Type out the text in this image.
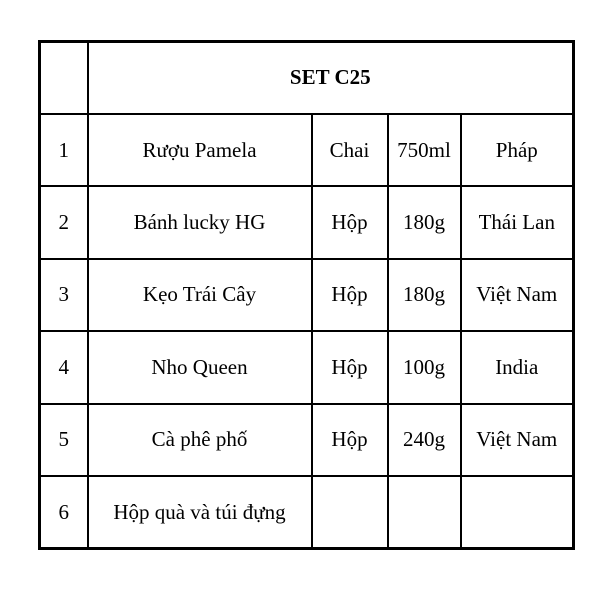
	SET C25			
1	Rượu Pamela	Chai	750ml	Pháp
2	Bánh lucky HG	Hộp	180g	Thái Lan
3	Kẹo Trái Cây	Hộp	180g	Việt Nam
4	Nho Queen	Hộp	100g	India
5	Cà phê phố	Hộp	240g	Việt Nam
6	Hộp quà và túi đựng			
